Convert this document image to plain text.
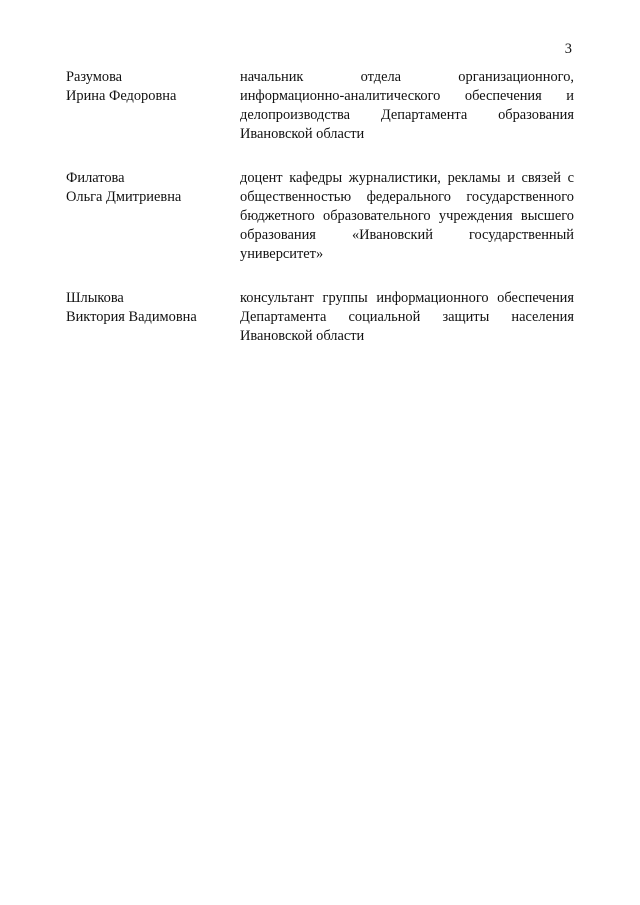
3
Разумова
Ирина Федоровна
начальник отдела организационного, информационно-аналитического обеспечения и делопроизводства Департамента образования Ивановской области
Филатова
Ольга Дмитриевна
доцент кафедры журналистики, рекламы и связей с общественностью федерального государственного бюджетного образовательного учреждения высшего образования «Ивановский государственный университет»
Шлыкова
Виктория Вадимовна
консультант группы информационного обеспечения Департамента социальной защиты населения Ивановской области
